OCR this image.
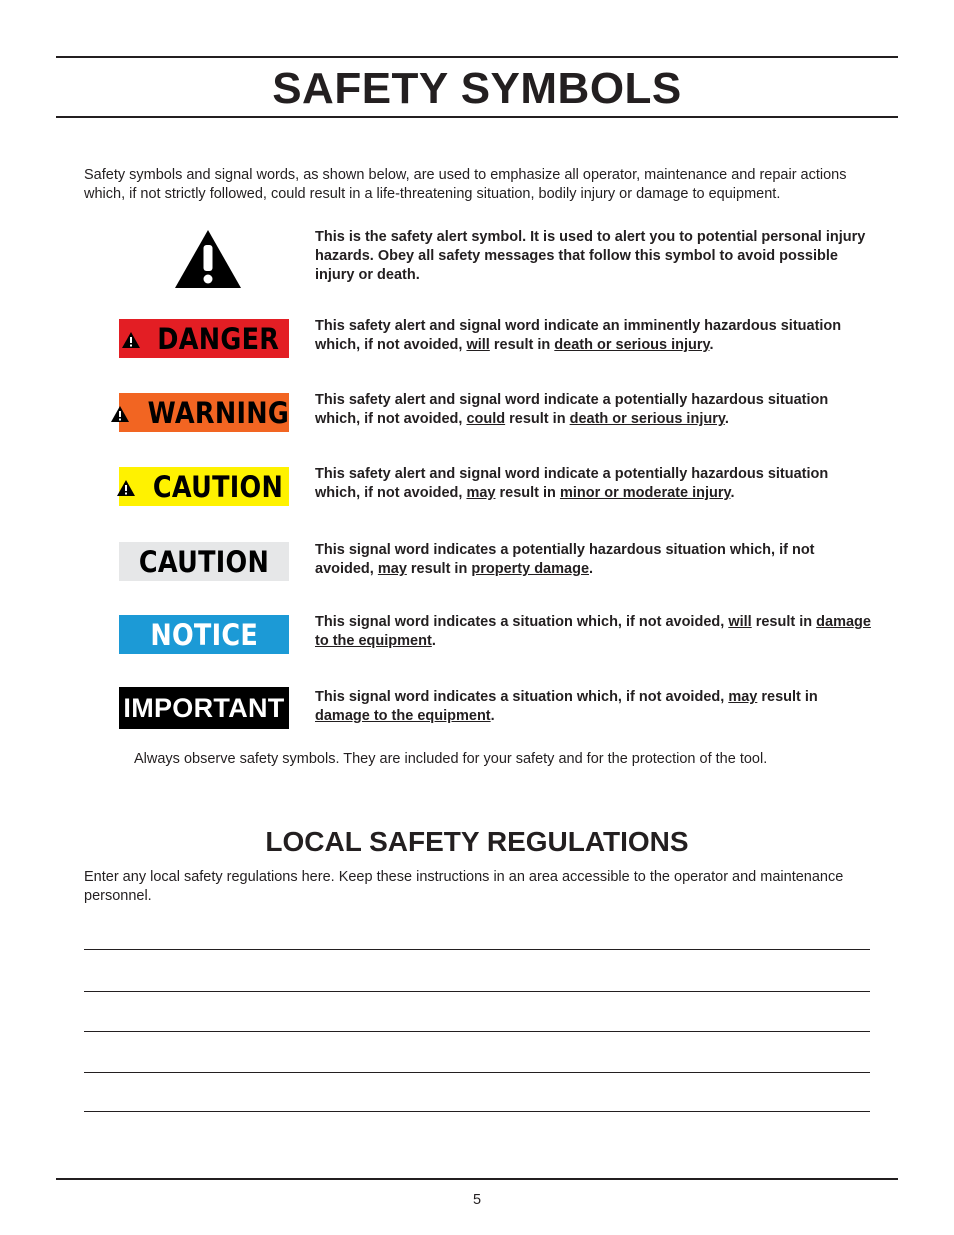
SAFETY SYMBOLS

Safety symbols and signal words, as shown below, are used to emphasize all operator, maintenance and repair actions which, if not strictly followed, could result in a life-threatening situation, bodily injury or damage to equipment.

This is the safety alert symbol. It is used to alert you to potential personal injury hazards. Obey all safety messages that follow this symbol to avoid possible injury or death.

DANGER This safety alert and signal word indicate an imminently hazardous situation which, if not avoided, will result in death or serious injury.

WARNING This safety alert and signal word indicate a potentially hazardous situation which, if not avoided, could result in death or serious injury.

CAUTION This safety alert and signal word indicate a potentially hazardous situation which, if not avoided, may result in minor or moderate injury.

CAUTION	This signal word indicates a potentially hazardous situation which, if not avoided, may result in property damage.

NOTICE	This signal word indicates a situation which, if not avoided, will result in damage to the equipment.

IMPORTANT This signal word indicates a situation which, if not avoided, may result in damage to the equipment.

Always observe safety symbols. They are included for your safety and for the protection of the tool.

LOCAL SAFETY REGULATIONS

Enter any local safety regulations here. Keep these instructions in an area accessible to the operator and maintenance personnel.

5
